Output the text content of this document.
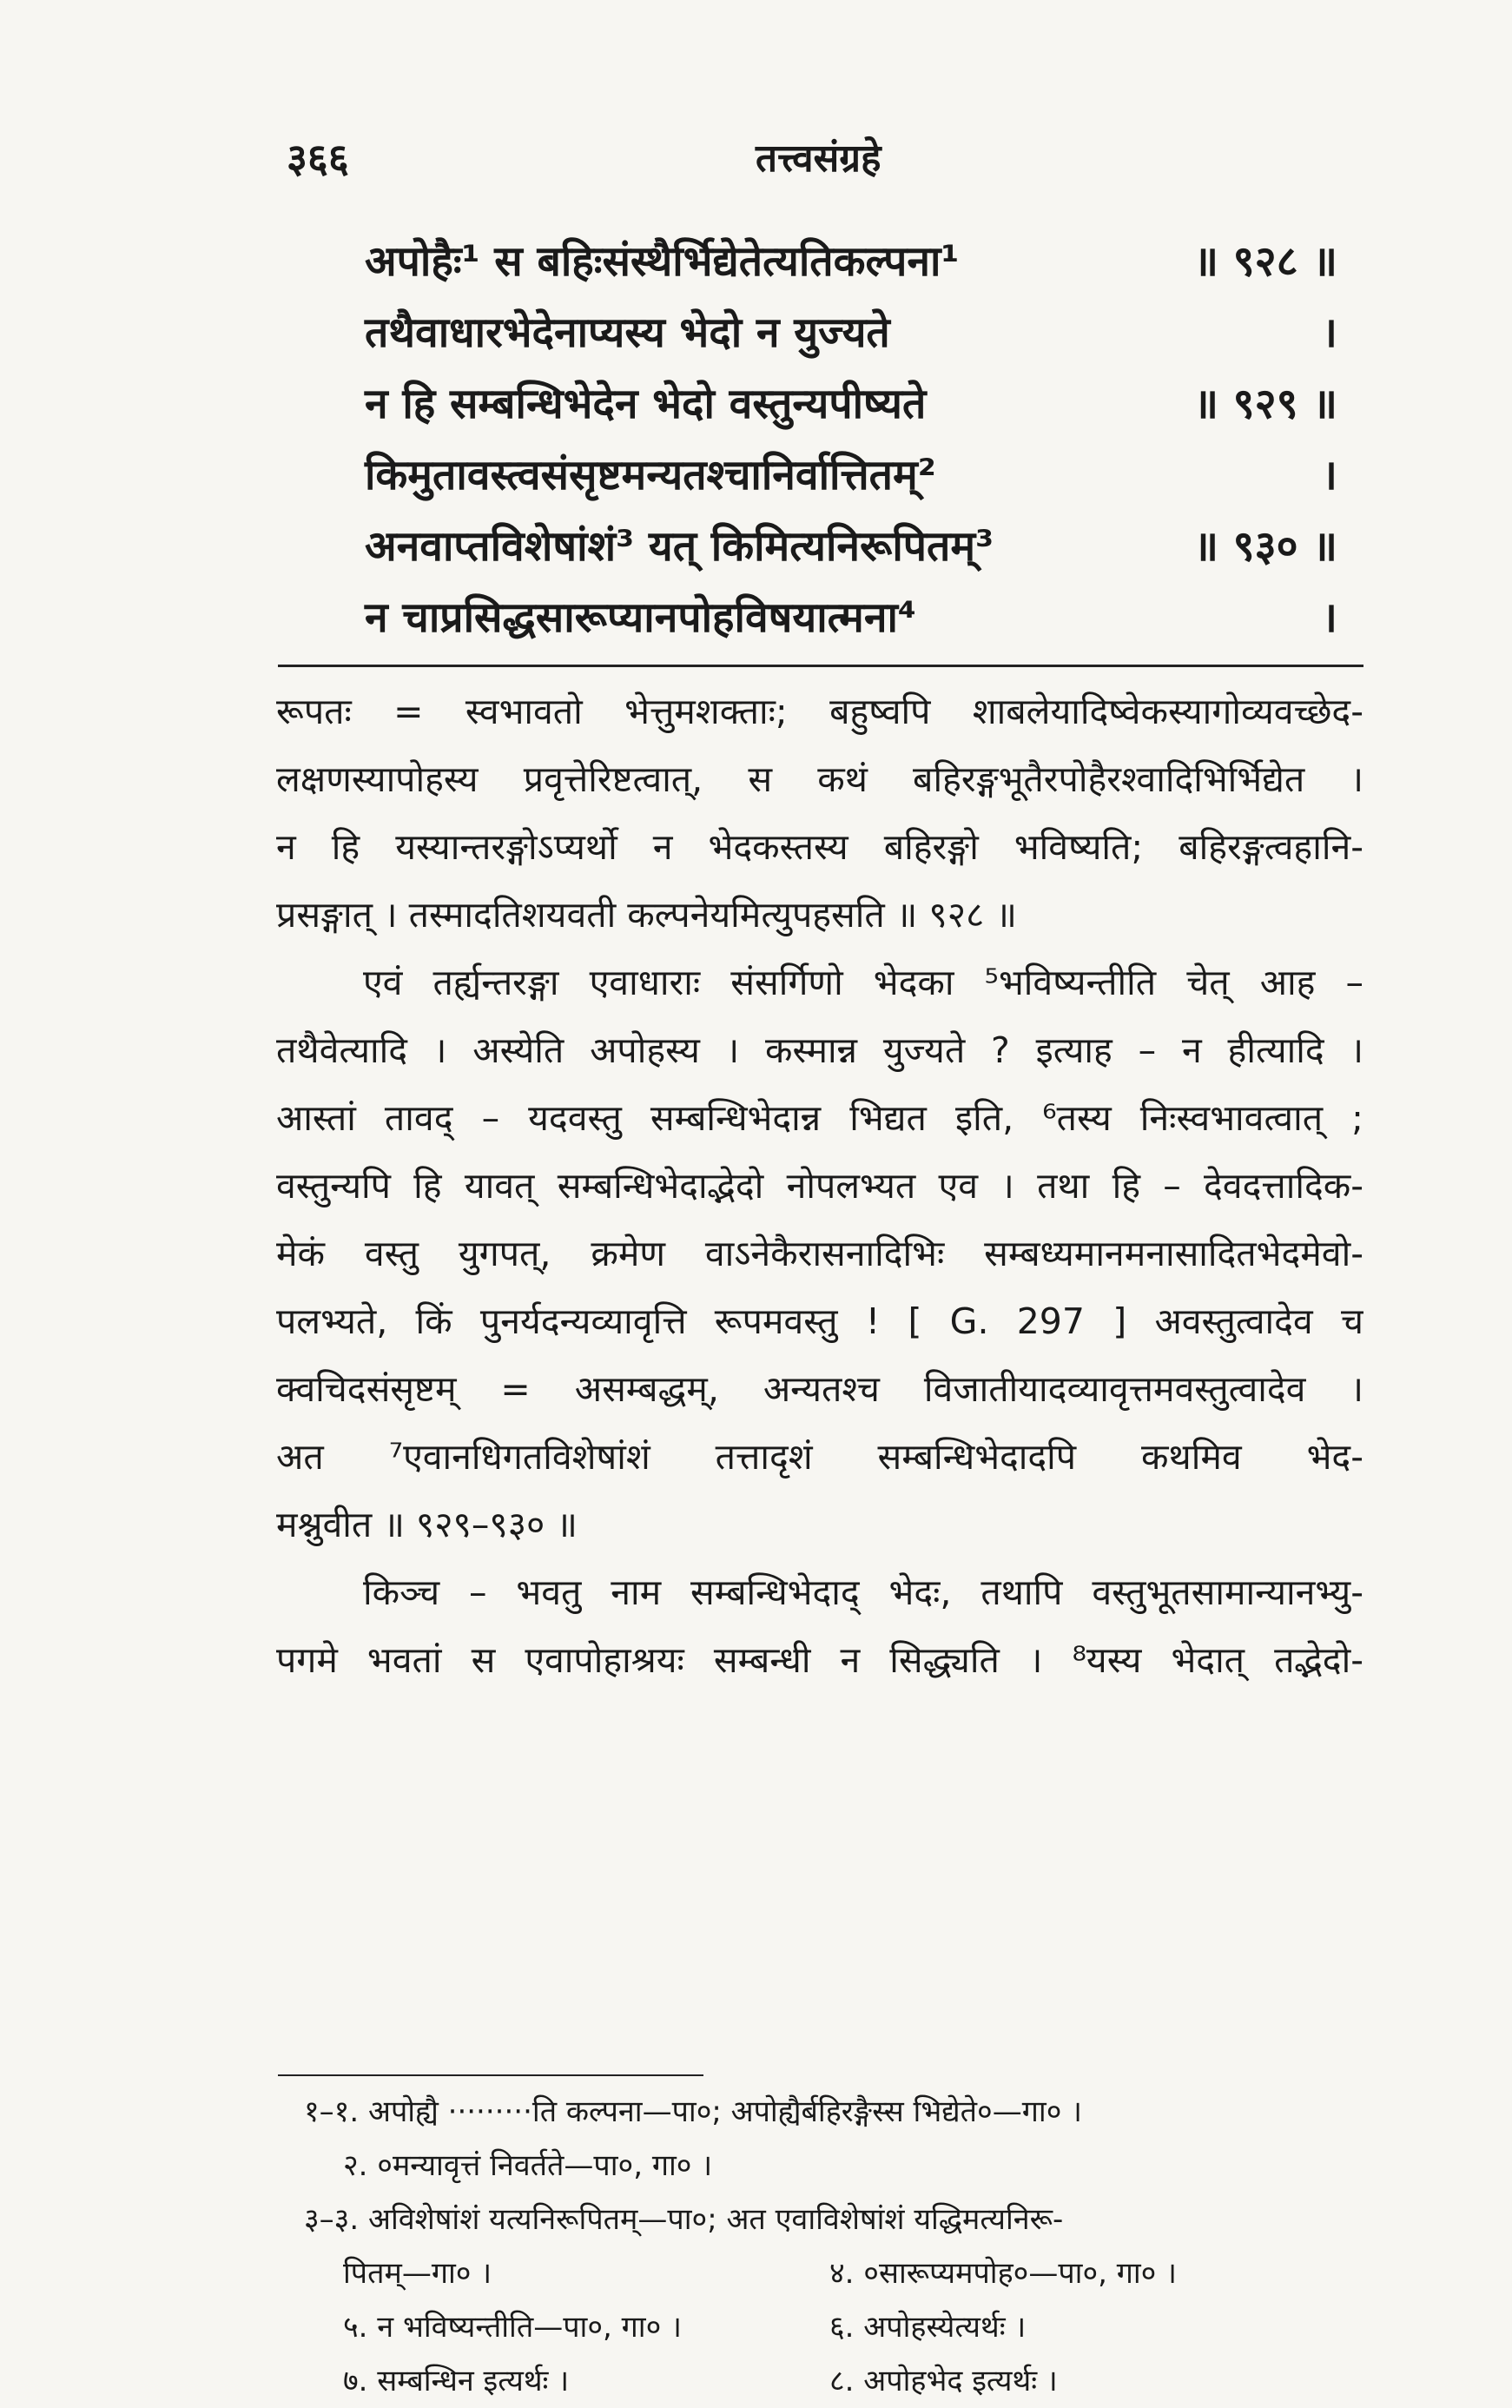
३६६	तत्त्वसंग्रहे
अपोहैः¹ स बहिःसंस्थैर्भिद्येतेत्यतिकल्पना¹	॥ ९२८ ॥
तथैवाधारभेदेनाप्यस्य भेदो न युज्यते	।
न हि सम्बन्धिभेदेन भेदो वस्तुन्यपीष्यते	॥ ९२९ ॥
किमुतावस्त्वसंसृष्टमन्यतश्चानिर्वात्तितम्²	।
अनवाप्तविशेषांशं³ यत् किमित्यनिरूपितम्³	॥ ९३० ॥
न चाप्रसिद्धसारूप्यानपोहविषयात्मना⁴	।
रूपतः = स्वभावतो भेत्तुमशक्ताः; बहुष्वपि शाबलेयादिष्वेकस्यागोव्यवच्छेद-
लक्षणस्यापोहस्य प्रवृत्तेरिष्टत्वात्, स कथं बहिरङ्गभूतैरपोहैरश्वादिभिर्भिद्येत ।
न हि यस्यान्तरङ्गोऽप्यर्थो न भेदकस्तस्य बहिरङ्गो भविष्यति; बहिरङ्गत्वहानि-
प्रसङ्गात् । तस्मादतिशयवती कल्पनेयमित्युपहसति ॥ ९२८ ॥
एवं तर्ह्यन्तरङ्गा एवाधाराः संसर्गिणो भेदका ⁵भविष्यन्तीति चेत् आह –
तथैवेत्यादि । अस्येति अपोहस्य । कस्मान्न युज्यते ? इत्याह – न हीत्यादि ।
आस्तां तावद् – यदवस्तु सम्बन्धिभेदान्न भिद्यत इति, ⁶तस्य निःस्वभावत्वात् ;
वस्तुन्यपि हि यावत् सम्बन्धिभेदाद्भेदो नोपलभ्यत एव । तथा हि – देवदत्तादिक-
मेकं वस्तु युगपत्, क्रमेण वाऽनेकैरासनादिभिः सम्बध्यमानमनासादितभेदमेवो-
पलभ्यते, किं पुनर्यदन्यव्यावृत्ति रूपमवस्तु ! [ G. 297 ] अवस्तुत्वादेव च
क्वचिदसंसृष्टम् = असम्बद्धम्, अन्यतश्च विजातीयादव्यावृत्तमवस्तुत्वादेव ।
अत ⁷एवानधिगतविशेषांशं तत्तादृशं सम्बन्धिभेदादपि कथमिव भेद-
मश्नुवीत ॥ ९२९–९३० ॥
किञ्च – भवतु नाम सम्बन्धिभेदाद् भेदः, तथापि वस्तुभूतसामान्यानभ्यु-
पगमे भवतां स एवापोहाश्रयः सम्बन्धी न सिद्ध्यति । ⁸यस्य भेदात् तद्भेदो-
१–१. अपोह्यै ·········ति कल्पना—पा०; अपोह्यैर्बहिरङ्गैस्स भिद्येते०—गा० ।
२. ०मन्यावृत्तं निवर्तते—पा०, गा० ।
३–३. अविशेषांशं यत्यनिरूपितम्—पा०; अत एवाविशेषांशं यद्धिमत्यनिरू-
पितम्—गा० ।	४. ०सारूप्यमपोह०—पा०, गा० ।
५. न भविष्यन्तीति—पा०, गा० ।	६. अपोहस्येत्यर्थः ।
७. सम्बन्धिन इत्यर्थः ।	८. अपोहभेद इत्यर्थः ।
